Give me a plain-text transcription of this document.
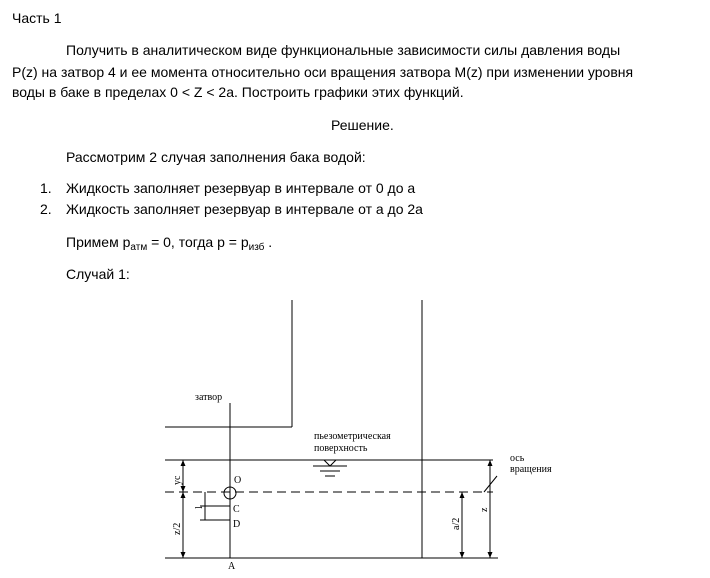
Часть 1
Получить в аналитическом виде функциональные зависимости силы давления воды
P(z) на затвор 4 и ее момента относительно оси вращения затвора M(z) при изменении уровня
воды в баке в пределах 0 < Z < 2a. Построить графики этих функций.
Решение.
Рассмотрим 2 случая заполнения бака водой:
1. Жидкость заполняет резервуар в интервале от 0 до a
2. Жидкость заполняет резервуар в интервале от a до 2a
Примем $p_{атм} = 0$, тогда $p = p_{изб}$ .
Случай 1:
затвор
пьезометрическая
поверхность
ось
вращения
O
C
D
A
yc
l
z/2	a/2
z
